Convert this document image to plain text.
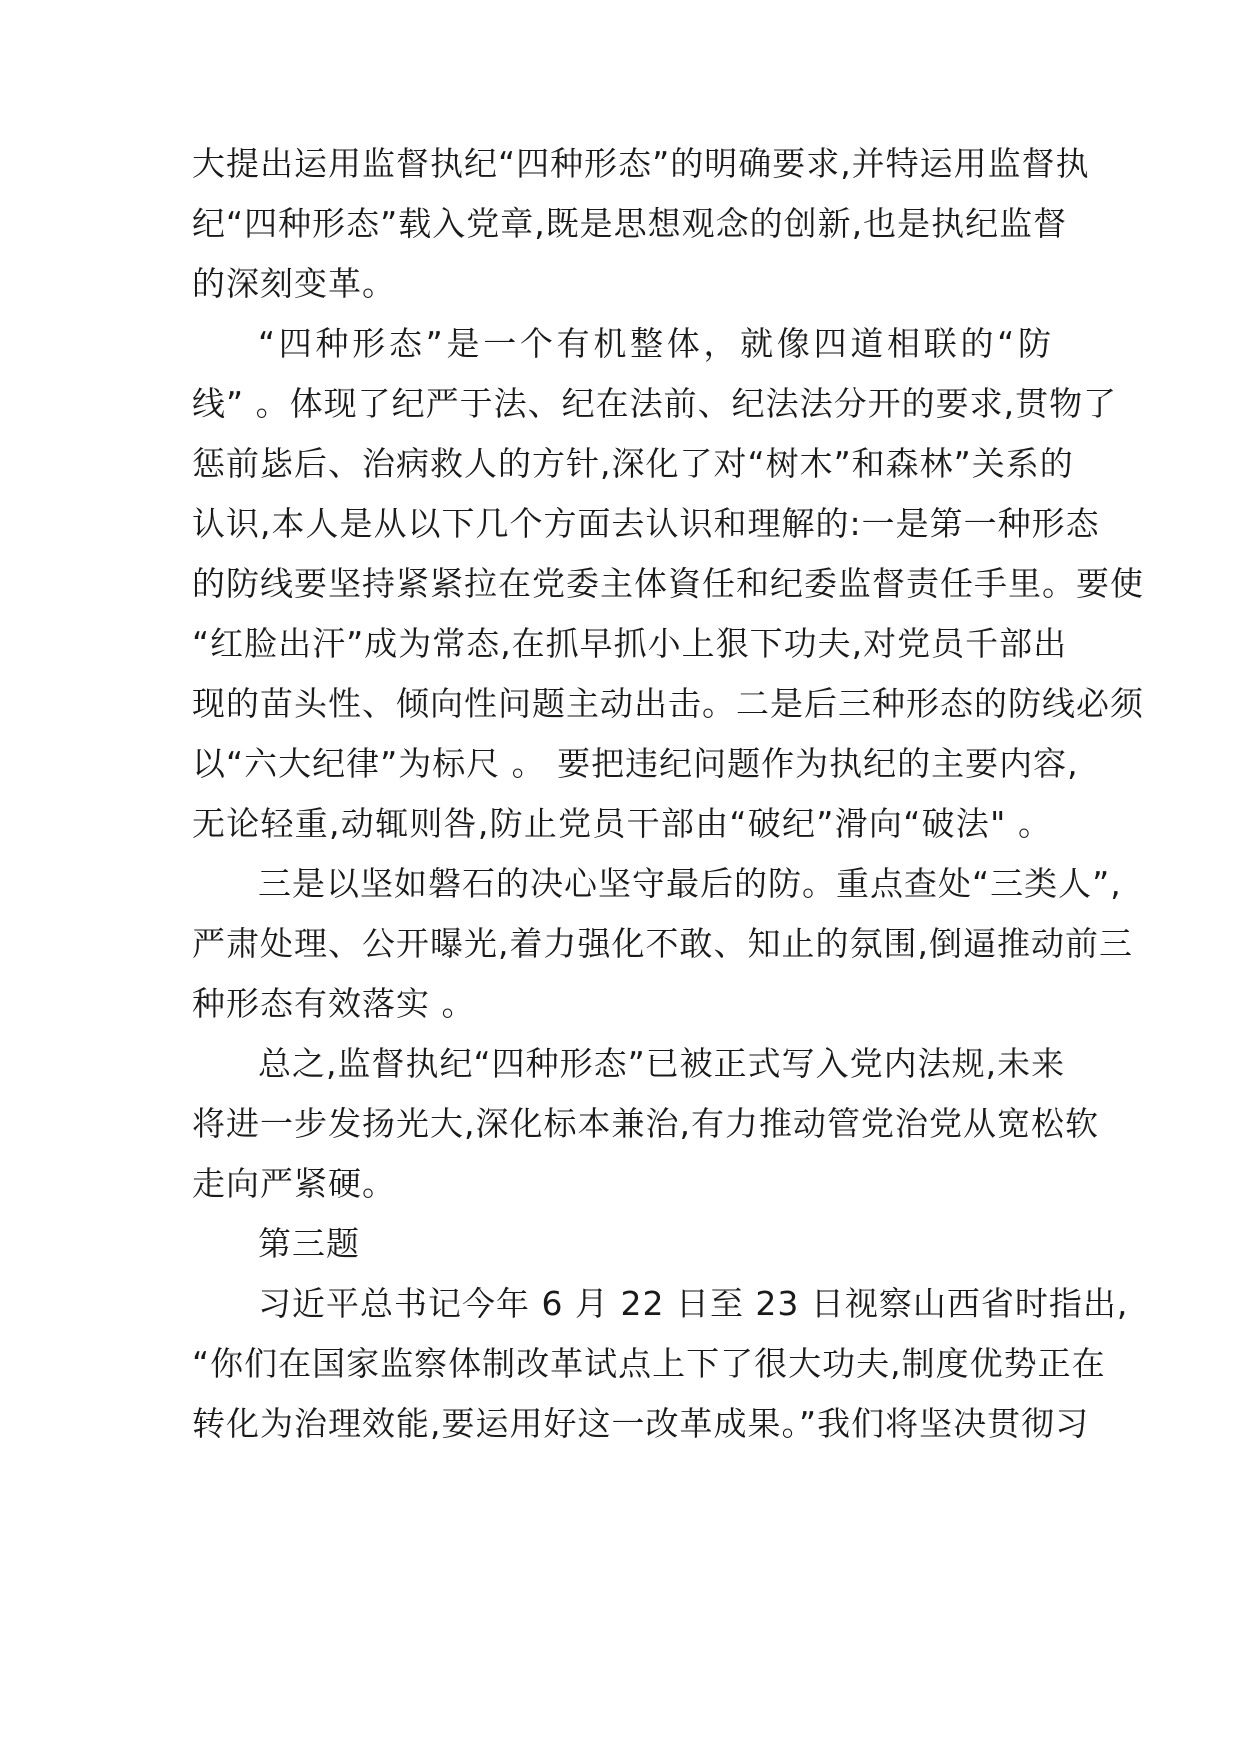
大提出运用监督执纪“四种形态”的明确要求,并特运用监督执
纪“四种形态”载入党章,既是思想观念的创新,也是执纪监督
的深刻变革。
“四种形态”是一个有机整体，就像四道相联的“防
线” 。体现了纪严于法、纪在法前、纪法法分开的要求,贯物了
惩前毖后、治病救人的方针,深化了对“树木”和森林”关系的
认识,本人是从以下几个方面去认识和理解的:一是第一种形态
的防线要坚持紧紧拉在党委主体資任和纪委监督责任手里。要使
“红脸出汗”成为常态,在抓早抓小上狠下功夫,对党员千部出
现的苗头性、倾向性问题主动出击。二是后三种形态的防线必须
以“六大纪律”为标尺 。 要把违纪问题作为执纪的主要内容,
无论轻重,动辄则咎,防止党员干部由“破纪”滑向“破法" 。
三是以坚如磐石的决心坚守最后的防。重点查处“三类人”,
严肃处理、公开曝光,着力强化不敢、知止的氛围,倒逼推动前三
种形态有效落实 。
总之,监督执纪“四种形态”已被正式写入党内法规,未来
将进一步发扬光大,深化标本兼治,有力推动管党治党从宽松软
走向严紧硬。
第三题
习近平总书记今年 6 月 22 日至 23 日视察山西省时指出,
“你们在国家监察体制改革试点上下了很大功夫,制度优势正在
转化为治理效能,要运用好这一改革成果。”我们将坚决贯彻习
